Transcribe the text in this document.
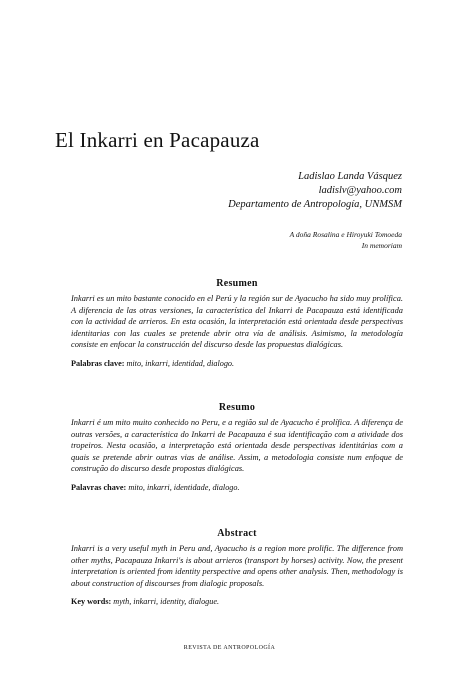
El Inkarri en Pacapauza
Ladislao Landa Vásquez
ladislv@yahoo.com
Departamento de Antropología, UNMSM
A doña Rosalina e Hiroyuki Tomoeda
In memoriam
Resumen

Inkarri es un mito bastante conocido en el Perú y la región sur de Ayacucho ha sido muy prolífica. A diferencia de las otras versiones, la característica del Inkarri de Pacapauza está identificada con la actividad de arrieros. En esta ocasión, la interpretación está orientada desde perspectivas identitarias con las cuales se pretende abrir otra vía de análisis. Asimismo, la metodología consiste en enfocar la construcción del discurso desde las propuestas dialógicas.

Palabras clave: mito, inkarri, identidad, dialogo.

Resumo

Inkarri é um mito muito conhecido no Peru, e a região sul de Ayacucho é prolífica. A diferença de outras versões, a característica do Inkarri de Pacapauza é sua identificação com a atividade dos tropeiros. Nesta ocasião, a interpretação está orientada desde perspectivas identitárias com a quais se pretende abrir outras vias de análise. Assim, a metodologia consiste num enfoque de construção do discurso desde propostas dialógicas.

Palavras chave: mito, inkarri, identidade, dialogo.

Abstract

Inkarri is a very useful myth in Peru and, Ayacucho is a region more prolific. The difference from other myths, Pacapauza Inkarri's is about arrieros (transport by horses) activity. Now, the present interpretation is oriented from identity perspective and opens other analysis. Then, methodology is about construction of discourses from dialogic proposals.

Key words: myth, inkarri, identity, dialogue.

REVISTA DE ANTROPOLOGÍA
